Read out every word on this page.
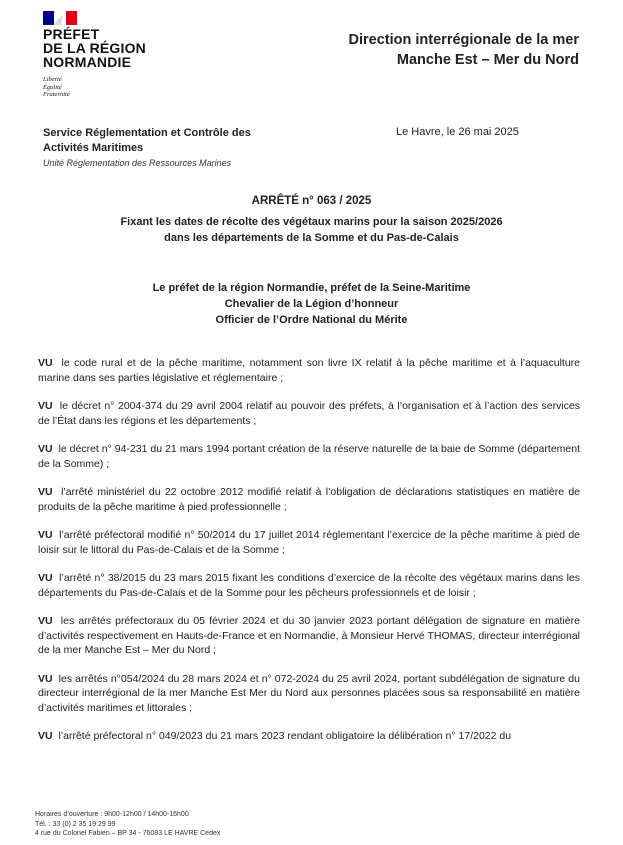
PRÉFET
DE LA RÉGION
NORMANDIE
Liberté
Égalité
Fraternité
Direction interrégionale de la mer
Manche Est – Mer du Nord
Service Réglementation et Contrôle des
Activités Maritimes
Unité Réglementation des Ressources Marines
Le Havre, le 26 mai 2025
ARRÊTÉ n° 063 / 2025
Fixant les dates de récolte des végétaux marins pour la saison 2025/2026
dans les départements de la Somme et du Pas-de-Calais
Le préfet de la région Normandie, préfet de la Seine-Maritime
Chevalier de la Légion d’honneur
Officier de l’Ordre National du Mérite

VU le code rural et de la pêche maritime, notamment son livre IX relatif à la pêche maritime et à l’aquaculture marine dans ses parties législative et réglementaire ;

VU le décret n° 2004-374 du 29 avril 2004 relatif au pouvoir des préfets, à l’organisation et à l’action des services de l’État dans les régions et les départements ;

VU le décret n° 94-231 du 21 mars 1994 portant création de la réserve naturelle de la baie de Somme (département de la Somme) ;

VU l’arrêté ministériel du 22 octobre 2012 modifié relatif à l’obligation de déclarations statistiques en matière de produits de la pêche maritime à pied professionnelle ;

VU l’arrêté préfectoral modifié n° 50/2014 du 17 juillet 2014 réglementant l’exercice de la pêche maritime à pied de loisir sur le littoral du Pas-de-Calais et de la Somme ;

VU l’arrêté n° 38/2015 du 23 mars 2015 fixant les conditions d’exercice de la récolte des végétaux marins dans les départements du Pas-de-Calais et de la Somme pour les pêcheurs professionnels et de loisir ;

VU les arrêtés préfectoraux du 05 février 2024 et du 30 janvier 2023 portant délégation de signature en matière d’activités respectivement en Hauts-de-France et en Normandie, à Monsieur Hervé THOMAS, directeur interrégional de la mer Manche Est – Mer du Nord ;

VU les arrêtés n°054/2024 du 28 mars 2024 et n° 072-2024 du 25 avril 2024, portant subdélégation de signature du directeur interrégional de la mer Manche Est Mer du Nord aux personnes placées sous sa responsabilité en matière d’activités maritimes et littorales ;

VU l’arrêté préfectoral n° 049/2023 du 21 mars 2023 rendant obligatoire la délibération n° 17/2022 du

Horaires d’ouverture : 9h00-12h00 / 14h00-16h00
Tél. : 33 (0) 2 35 19 29 99
4 rue du Colonel Fabien – BP 34 - 76083 LE HAVRE Cedex
